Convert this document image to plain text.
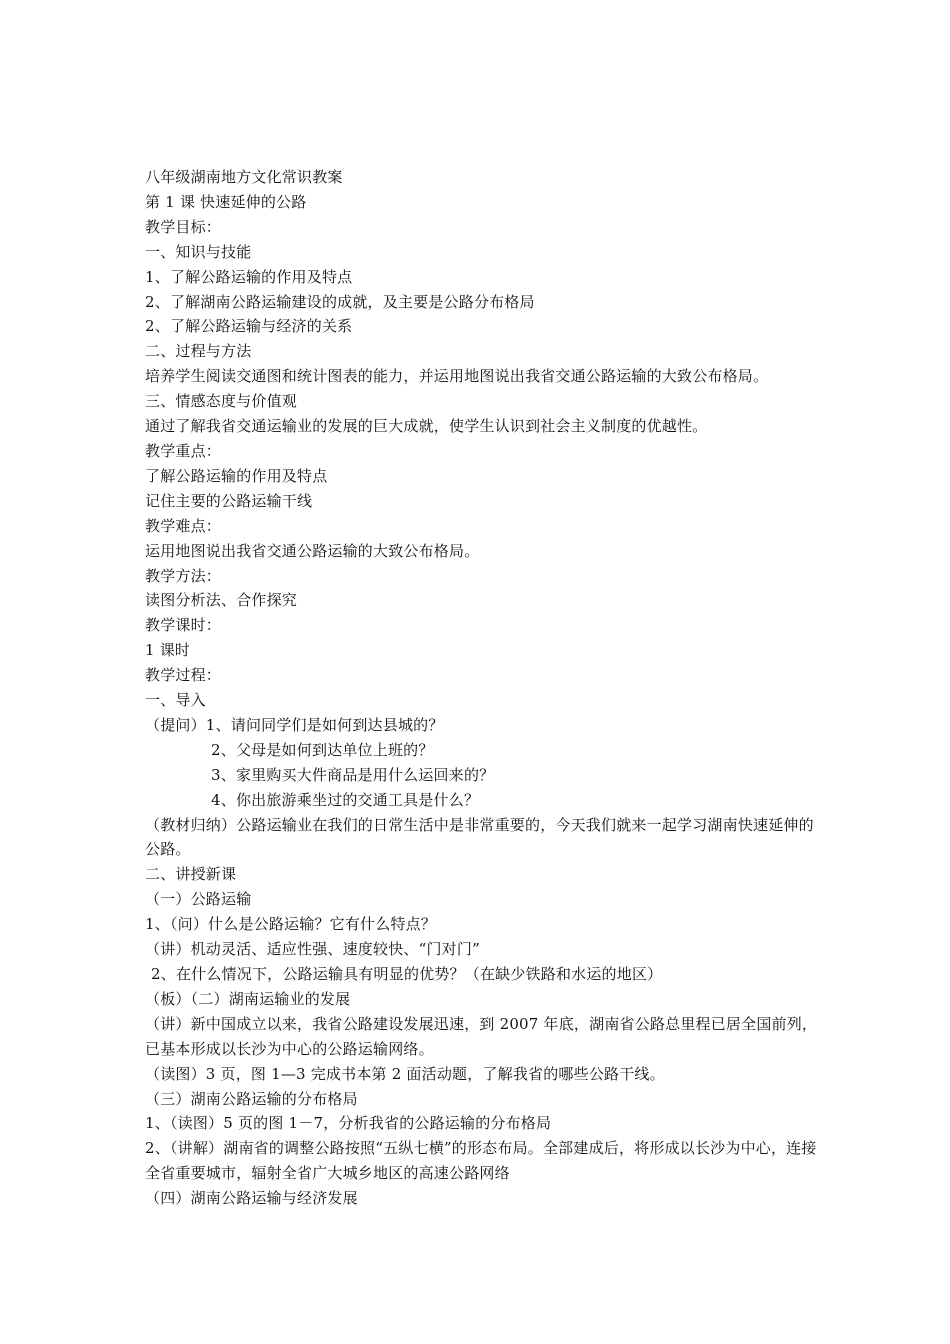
八年级湖南地方文化常识教案
第 1 课 快速延伸的公路
教学目标：
一、知识与技能
1、了解公路运输的作用及特点
2、了解湖南公路运输建设的成就，及主要是公路分布格局
2、了解公路运输与经济的关系
二、过程与方法
培养学生阅读交通图和统计图表的能力，并运用地图说出我省交通公路运输的大致公布格局。
三、情感态度与价值观
通过了解我省交通运输业的发展的巨大成就，使学生认识到社会主义制度的优越性。
教学重点：
了解公路运输的作用及特点
记住主要的公路运输干线
教学难点：
运用地图说出我省交通公路运输的大致公布格局。
教学方法：
读图分析法、合作探究
教学课时：
1 课时
教学过程：
一、导入
（提问）1、请问同学们是如何到达县城的？
2、父母是如何到达单位上班的？
3、家里购买大件商品是用什么运回来的？
4、你出旅游乘坐过的交通工具是什么？
（教材归纳）公路运输业在我们的日常生活中是非常重要的，今天我们就来一起学习湖南快速延伸的公路。
二、讲授新课
（一）公路运输
1、（问）什么是公路运输？它有什么特点？
（讲）机动灵活、适应性强、速度较快、“门对门”
2、在什么情况下，公路运输具有明显的优势？（在缺少铁路和水运的地区）
（板）（二）湖南运输业的发展
（讲）新中国成立以来，我省公路建设发展迅速，到 2007 年底，湖南省公路总里程已居全国前列，已基本形成以长沙为中心的公路运输网络。
（读图）3 页，图 1—3 完成书本第 2 面活动题，了解我省的哪些公路干线。
（三）湖南公路运输的分布格局
1、（读图）5 页的图 1－7，分析我省的公路运输的分布格局
2、（讲解）湖南省的调整公路按照“五纵七横”的形态布局。全部建成后，将形成以长沙为中心，连接全省重要城市，辐射全省广大城乡地区的高速公路网络
（四）湖南公路运输与经济发展
